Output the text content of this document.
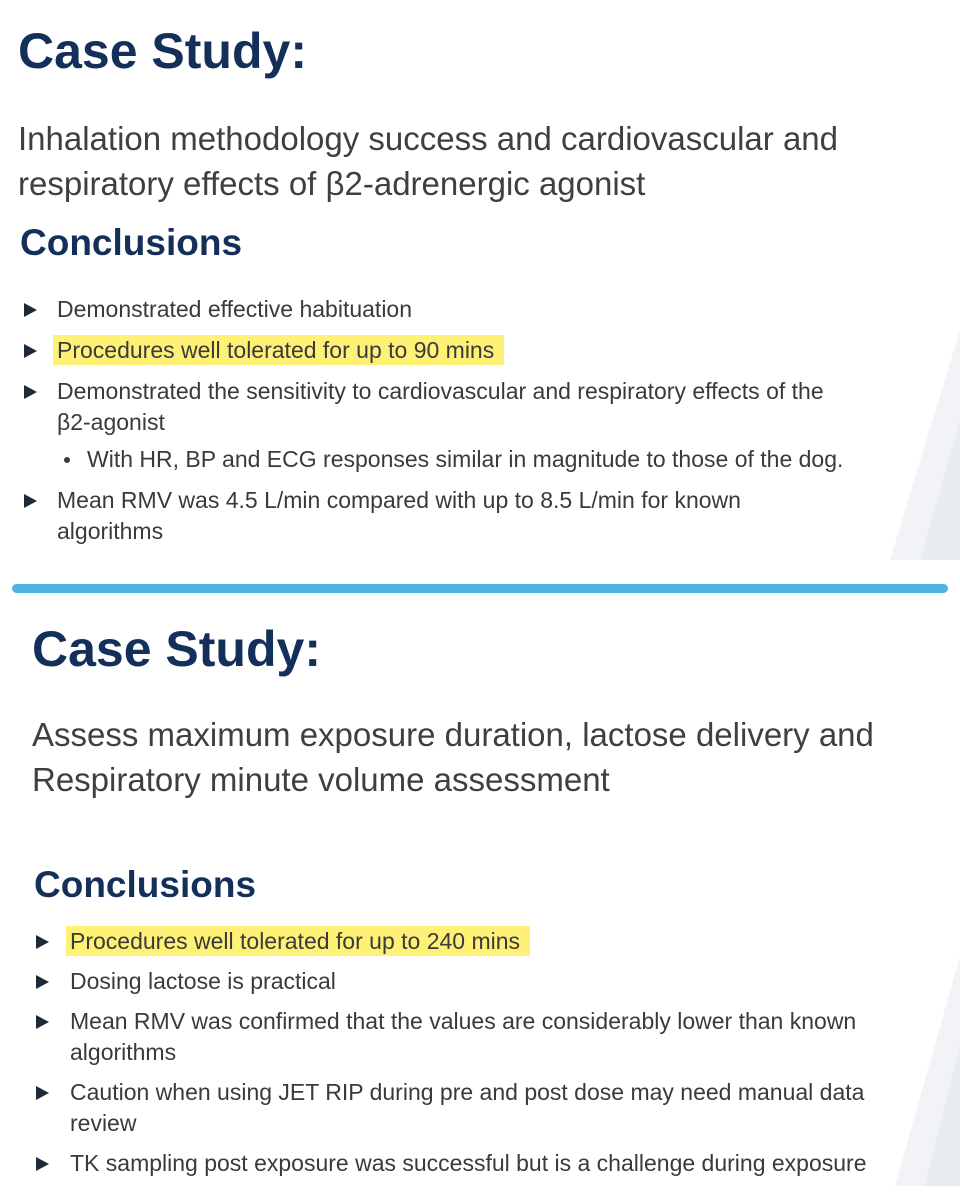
Case Study:

Inhalation methodology success and cardiovascular and
respiratory effects of β2-adrenergic agonist

Conclusions
Demonstrated effective habituation
Procedures well tolerated for up to 90 mins
Demonstrated the sensitivity to cardiovascular and respiratory effects of the
β2-agonist
With HR, BP and ECG responses similar in magnitude to those of the dog.
Mean RMV was 4.5 L/min compared with up to 8.5 L/min for known
algorithms
Case Study:

Assess maximum exposure duration, lactose delivery and
Respiratory minute volume assessment

Conclusions
Procedures well tolerated for up to 240 mins
Dosing lactose is practical
Mean RMV was confirmed that the values are considerably lower than known
algorithms
Caution when using JET RIP during pre and post dose may need manual data
review
TK sampling post exposure was successful but is a challenge during exposure
